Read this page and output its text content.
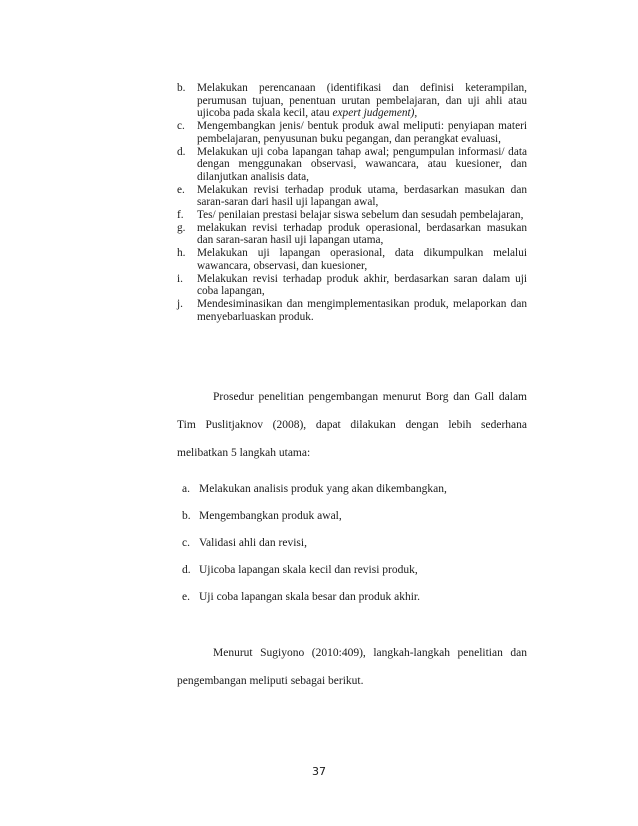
b. Melakukan perencanaan (identifikasi dan definisi keterampilan, perumusan tujuan, penentuan urutan pembelajaran, dan uji ahli atau ujicoba pada skala kecil, atau expert judgement),
c. Mengembangkan jenis/ bentuk produk awal meliputi: penyiapan materi pembelajaran, penyusunan buku pegangan, dan perangkat evaluasi,
d. Melakukan uji coba lapangan tahap awal; pengumpulan informasi/ data dengan menggunakan observasi, wawancara, atau kuesioner, dan dilanjutkan analisis data,
e. Melakukan revisi terhadap produk utama, berdasarkan masukan dan saran-saran dari hasil uji lapangan awal,
f. Tes/ penilaian prestasi belajar siswa sebelum dan sesudah pembelajaran,
g. melakukan revisi terhadap produk operasional, berdasarkan masukan dan saran-saran hasil uji lapangan utama,
h. Melakukan uji lapangan operasional, data dikumpulkan melalui wawancara, observasi, dan kuesioner,
i. Melakukan revisi terhadap produk akhir, berdasarkan saran dalam uji coba lapangan,
j. Mendesiminasikan dan mengimplementasikan produk, melaporkan dan menyebarluaskan produk.
Prosedur penelitian pengembangan menurut Borg dan Gall dalam
Tim Puslitjaknov (2008), dapat dilakukan dengan lebih sederhana
melibatkan 5 langkah utama:
a. Melakukan analisis produk yang akan dikembangkan,
b. Mengembangkan produk awal,
c. Validasi ahli dan revisi,
d. Ujicoba lapangan skala kecil dan revisi produk,
e. Uji coba lapangan skala besar dan produk akhir.
Menurut Sugiyono (2010:409), langkah-langkah penelitian dan
pengembangan meliputi sebagai berikut.
37
